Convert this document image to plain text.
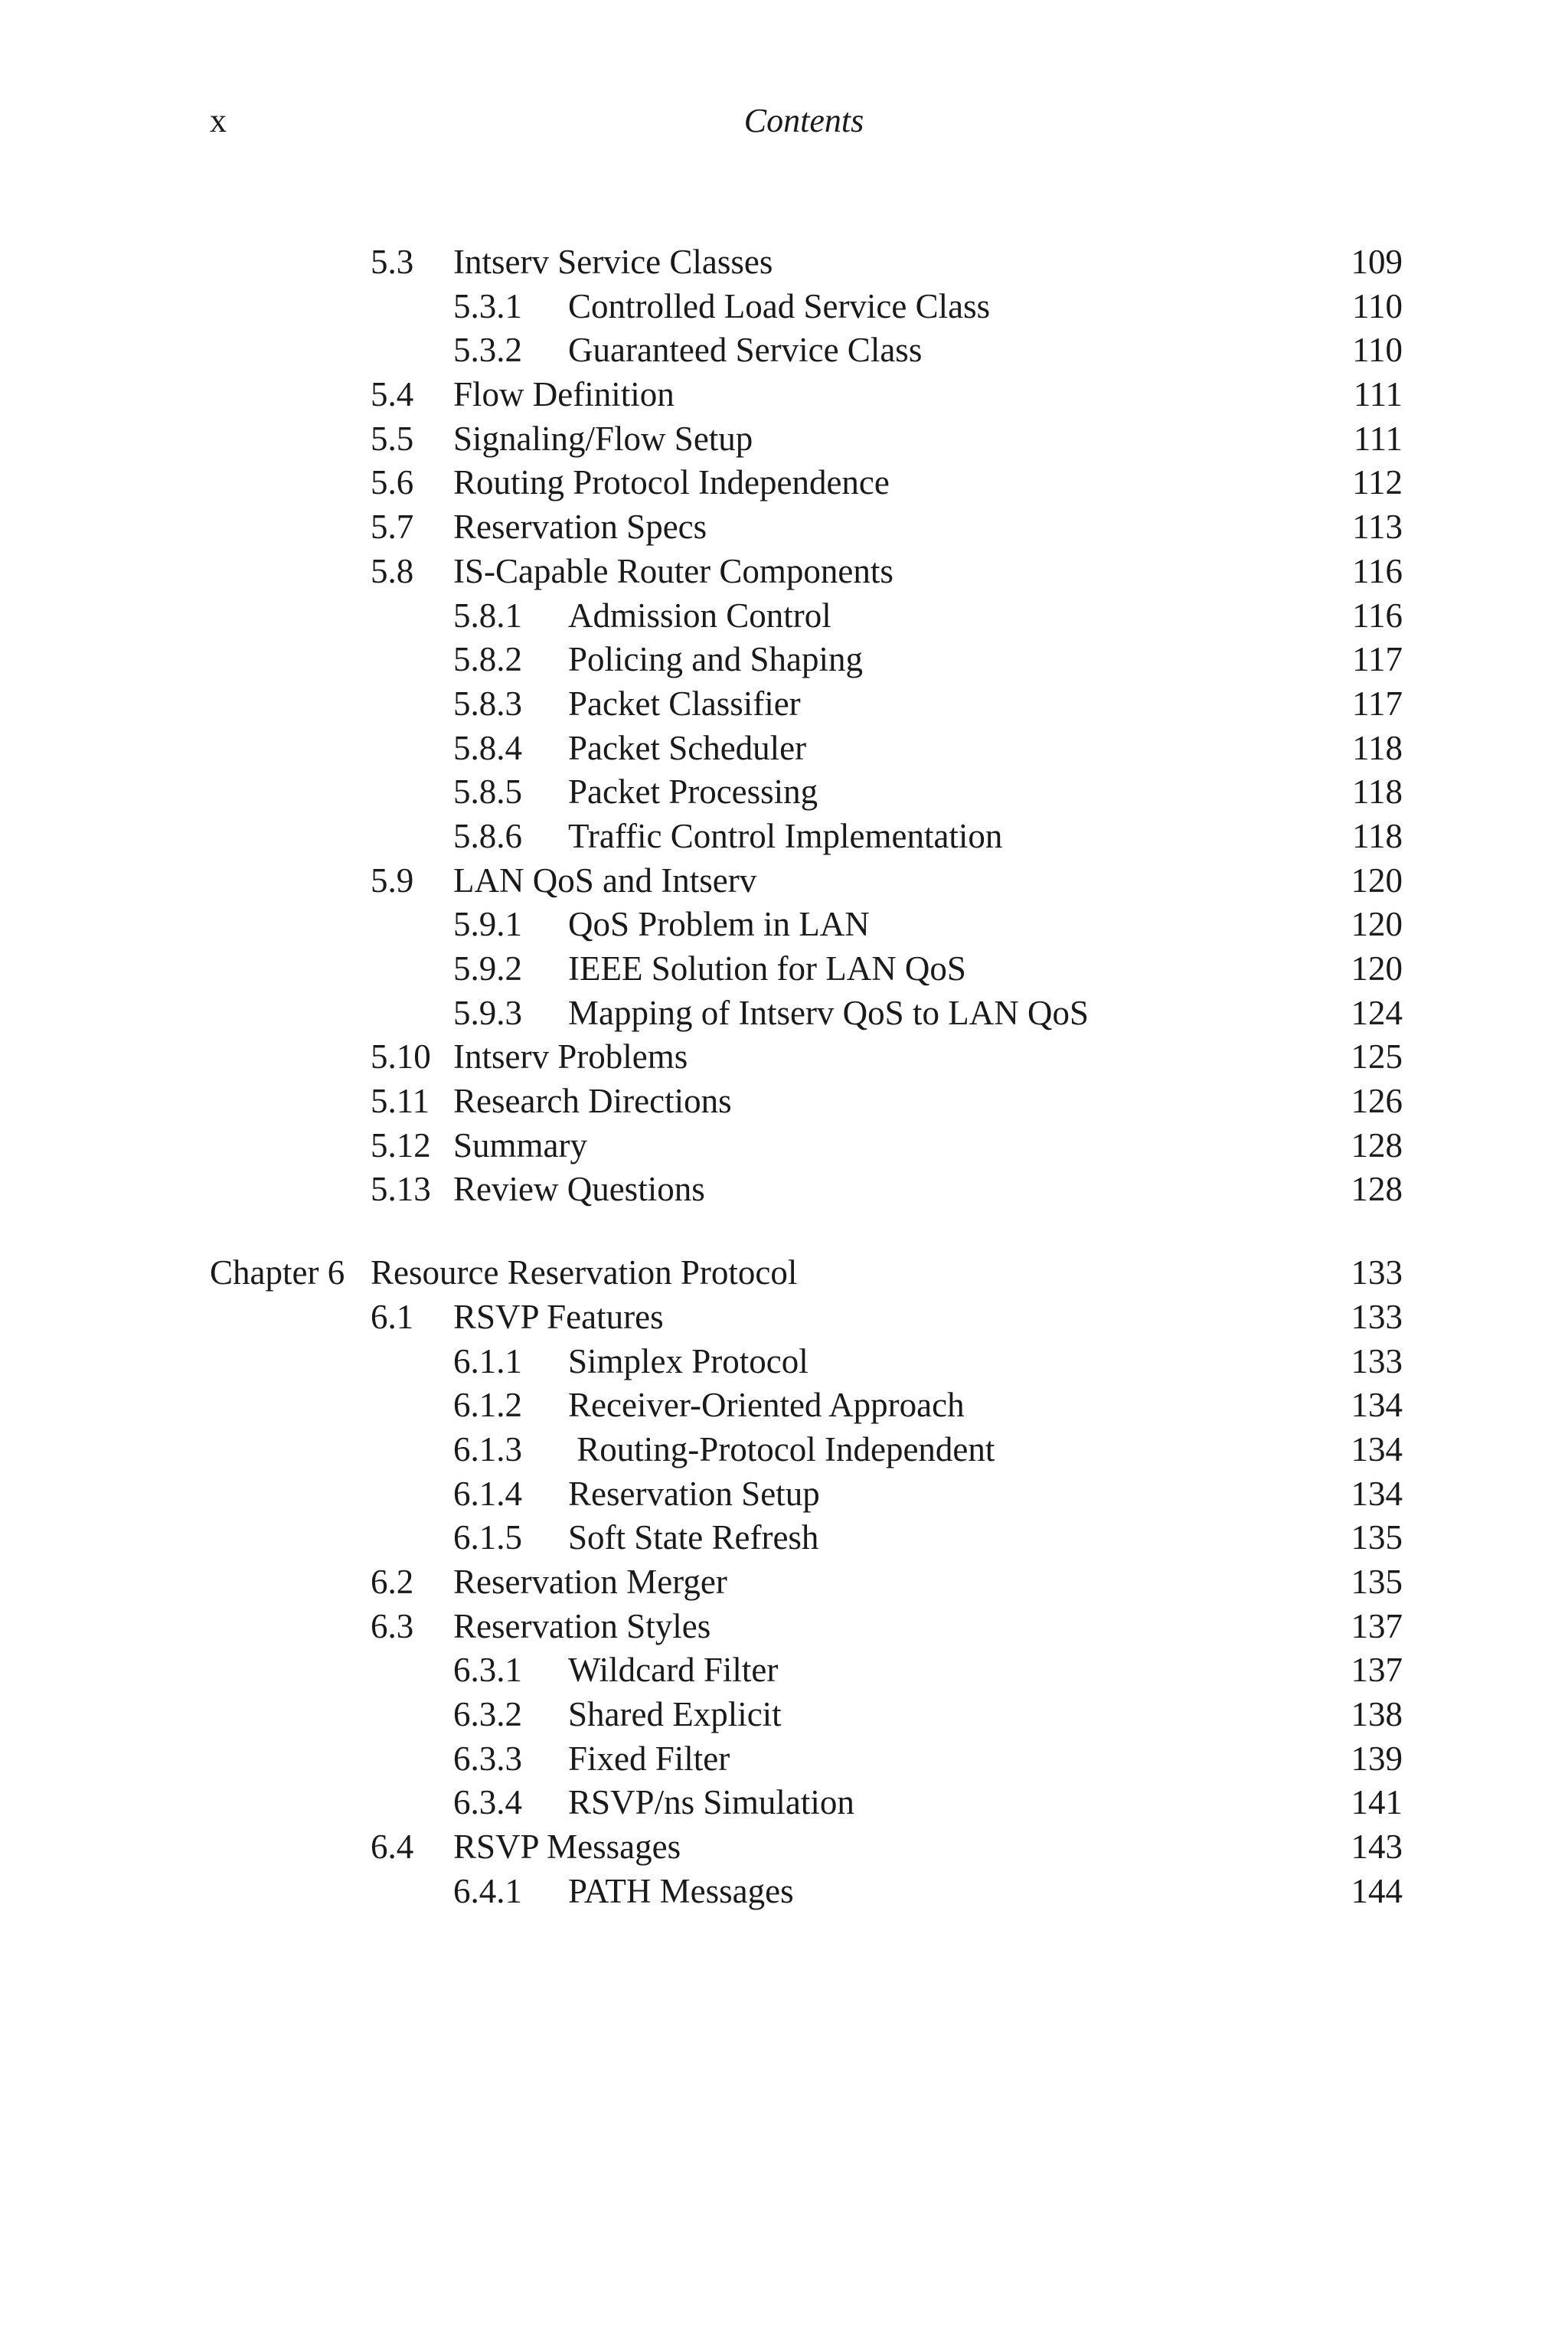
x	Contents
5.3 Intserv Service Classes	109
5.3.1 Controlled Load Service Class	110
5.3.2 Guaranteed Service Class	110
5.4 Flow Definition	111
5.5 Signaling/Flow Setup	111
5.6 Routing Protocol Independence	112
5.7 Reservation Specs	113
5.8 IS-Capable Router Components	116
5.8.1 Admission Control	116
5.8.2 Policing and Shaping	117
5.8.3 Packet Classifier	117
5.8.4 Packet Scheduler	118
5.8.5 Packet Processing	118
5.8.6 Traffic Control Implementation	118
5.9 LAN QoS and Intserv	120
5.9.1 QoS Problem in LAN	120
5.9.2 IEEE Solution for LAN QoS	120
5.9.3 Mapping of Intserv QoS to LAN QoS	124
5.10 Intserv Problems	125
5.11 Research Directions	126
5.12 Summary	128
5.13 Review Questions	128
Chapter 6 Resource Reservation Protocol	133
6.1 RSVP Features	133
6.1.1 Simplex Protocol	133
6.1.2 Receiver-Oriented Approach	134
6.1.3 Routing-Protocol Independent	134
6.1.4 Reservation Setup	134
6.1.5 Soft State Refresh	135
6.2 Reservation Merger	135
6.3 Reservation Styles	137
6.3.1 Wildcard Filter	137
6.3.2 Shared Explicit	138
6.3.3 Fixed Filter	139
6.3.4 RSVP/ns Simulation	141
6.4 RSVP Messages	143
6.4.1 PATH Messages	144
